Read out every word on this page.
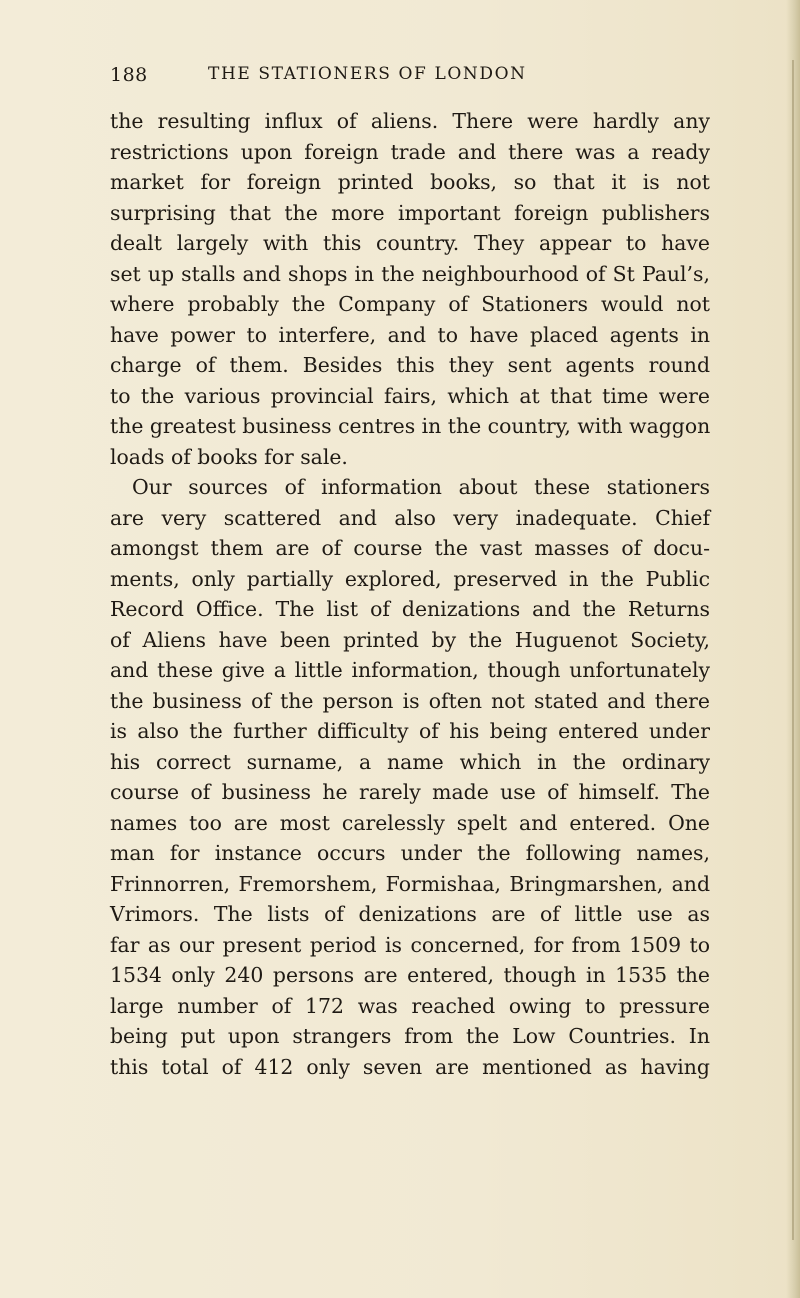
188	THE STATIONERS OF LONDON
the resulting influx of aliens. There were hardly any
restrictions upon foreign trade and there was a ready
market for foreign printed books, so that it is not
surprising that the more important foreign publishers
dealt largely with this country. They appear to have
set up stalls and shops in the neighbourhood of St Paul’s,
where probably the Company of Stationers would not
have power to interfere, and to have placed agents in
charge of them. Besides this they sent agents round
to the various provincial fairs, which at that time were
the greatest business centres in the country, with waggon
loads of books for sale.
Our sources of information about these stationers
are very scattered and also very inadequate. Chief
amongst them are of course the vast masses of docu-
ments, only partially explored, preserved in the Public
Record Office. The list of denizations and the Returns
of Aliens have been printed by the Huguenot Society,
and these give a little information, though unfortunately
the business of the person is often not stated and there
is also the further difficulty of his being entered under
his correct surname, a name which in the ordinary
course of business he rarely made use of himself. The
names too are most carelessly spelt and entered. One
man for instance occurs under the following names,
Frinnorren, Fremorshem, Formishaa, Bringmarshen, and
Vrimors. The lists of denizations are of little use as
far as our present period is concerned, for from 1509 to
1534 only 240 persons are entered, though in 1535 the
large number of 172 was reached owing to pressure
being put upon strangers from the Low Countries. In
this total of 412 only seven are mentioned as having
